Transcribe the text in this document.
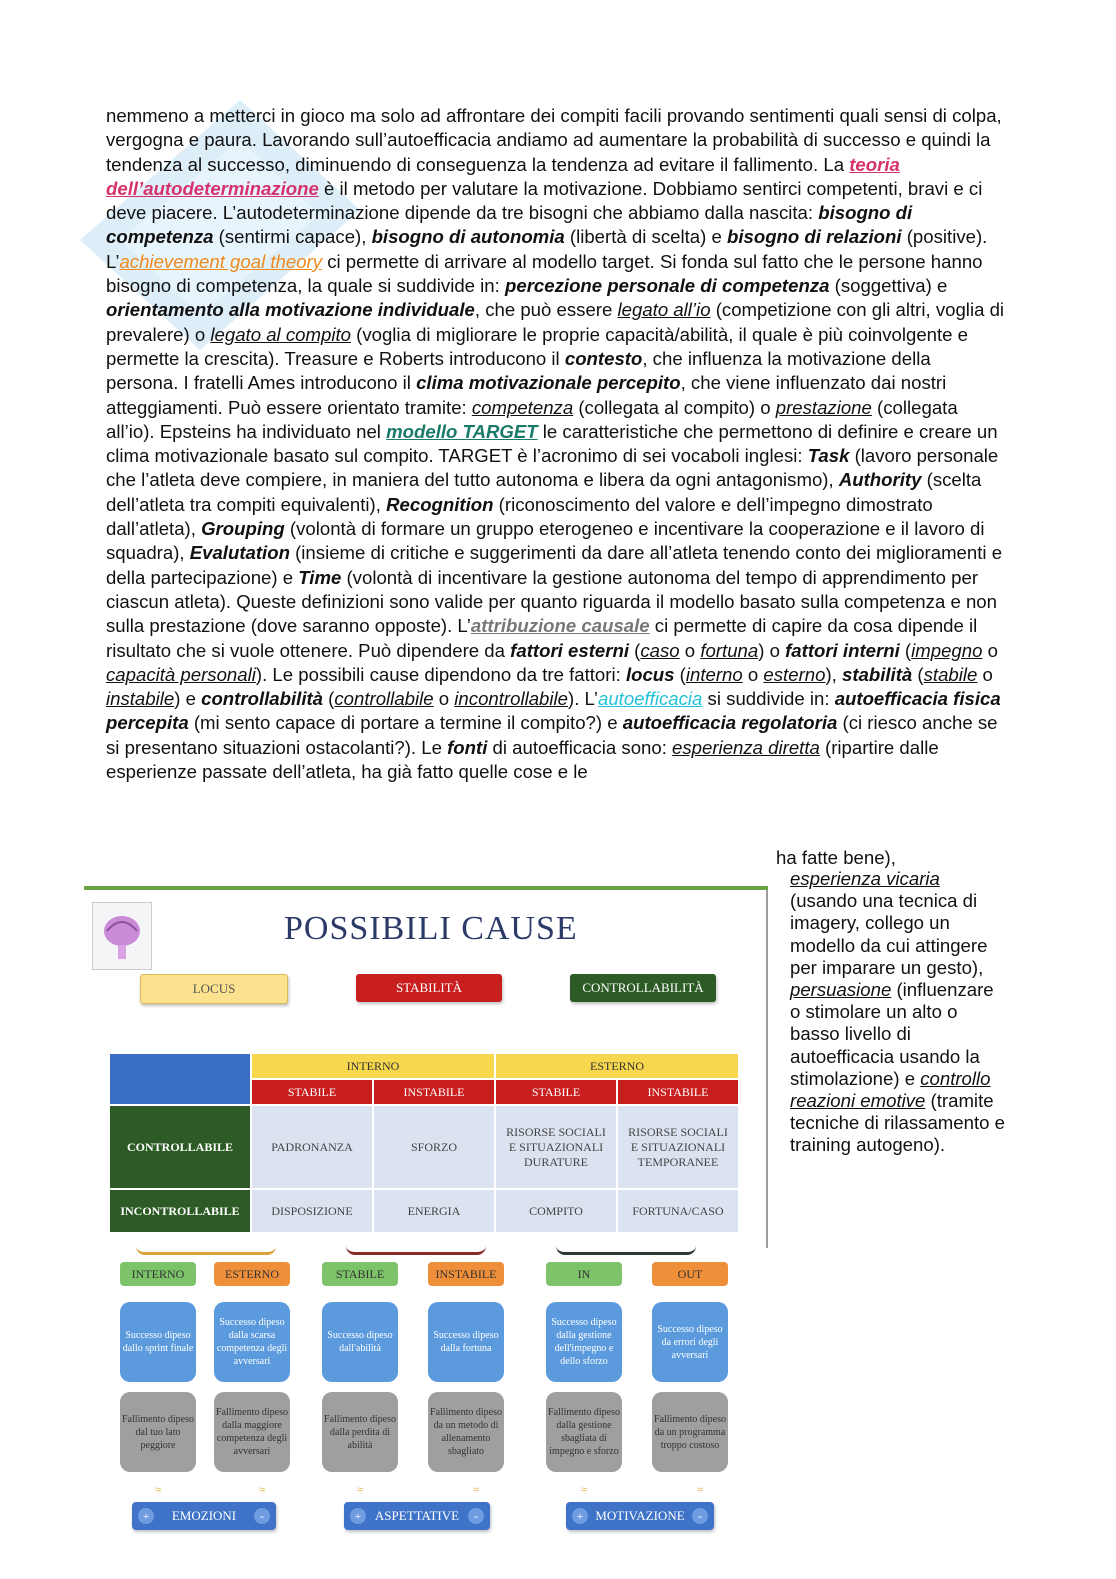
nemmeno a metterci in gioco ma solo ad affrontare dei compiti facili provando sentimenti quali sensi di colpa, vergogna e paura. Lavorando sull’autoefficacia andiamo ad aumentare la probabilità di successo e quindi la tendenza al successo, diminuendo di conseguenza la tendenza ad evitare il fallimento. La teoria dell’autodeterminazione è il metodo per valutare la motivazione. Dobbiamo sentirci competenti, bravi e ci deve piacere. L’autodeterminazione dipende da tre bisogni che abbiamo dalla nascita: bisogno di competenza (sentirmi capace), bisogno di autonomia (libertà di scelta) e bisogno di relazioni (positive). L’achievement goal theory ci permette di arrivare al modello target. Si fonda sul fatto che le persone hanno bisogno di competenza, la quale si suddivide in: percezione personale di competenza (soggettiva) e orientamento alla motivazione individuale, che può essere legato all’io (competizione con gli altri, voglia di prevalere) o legato al compito (voglia di migliorare le proprie capacità/abilità, il quale è più coinvolgente e permette la crescita). Treasure e Roberts introducono il contesto, che influenza la motivazione della persona. I fratelli Ames introducono il clima motivazionale percepito, che viene influenzato dai nostri atteggiamenti. Può essere orientato tramite: competenza (collegata al compito) o prestazione (collegata all’io). Epsteins ha individuato nel modello TARGET le caratteristiche che permettono di definire e creare un clima motivazionale basato sul compito. TARGET è l’acronimo di sei vocaboli inglesi: Task (lavoro personale che l’atleta deve compiere, in maniera del tutto autonoma e libera da ogni antagonismo), Authority (scelta dell’atleta tra compiti equivalenti), Recognition (riconoscimento del valore e dell’impegno dimostrato dall’atleta), Grouping (volontà di formare un gruppo eterogeneo e incentivare la cooperazione e il lavoro di squadra), Evalutation (insieme di critiche e suggerimenti da dare all’atleta tenendo conto dei miglioramenti e della partecipazione) e Time (volontà di incentivare la gestione autonoma del tempo di apprendimento per ciascun atleta). Queste definizioni sono valide per quanto riguarda il modello basato sulla competenza e non sulla prestazione (dove saranno opposte). L’attribuzione causale ci permette di capire da cosa dipende il risultato che si vuole ottenere. Può dipendere da fattori esterni (caso o fortuna) o fattori interni (impegno o capacità personali). Le possibili cause dipendono da tre fattori: locus (interno o esterno), stabilità (stabile o instabile) e controllabilità (controllabile o incontrollabile). L’autoefficacia si suddivide in: autoefficacia fisica percepita (mi sento capace di portare a termine il compito?) e autoefficacia regolatoria (ci riesco anche se si presentano situazioni ostacolanti?). Le fonti di autoefficacia sono: esperienza diretta (ripartire dalle esperienze passate dell’atleta, ha già fatto quelle cose e le

ha fatte bene),

esperienza vicaria (usando una tecnica di imagery, collego un modello da cui attingere per imparare un gesto), persuasione (influenzare o stimolare un alto o basso livello di autoefficacia usando la stimolazione) e controllo reazioni emotive (tramite tecniche di rilassamento e training autogeno).

POSSIBILI CAUSE
LOCUS	STABILITÀ	CONTROLLABILITÀ
	INTERNO		ESTERNO	
	STABILE	INSTABILE	STABILE	INSTABILE
CONTROLLABILE	PADRONANZA	SFORZO	RISORSE SOCIALI E SITUAZIONALI DURATURE	RISORSE SOCIALI E SITUAZIONALI TEMPORANEE
INCONTROLLABILE	DISPOSIZIONE	ENERGIA	COMPITO	FORTUNA/CASO
INTERNO	ESTERNO	STABILE	INSTABILE	IN	OUT
Successo dipeso dallo sprint finale
Successo dipeso dalla scarsa competenza degli avversari
Successo dipeso dall'abilità
Successo dipeso dalla fortuna
Successo dipeso dalla gestione dell'impegno e dello sforzo
Successo dipeso da errori degli avversari
Fallimento dipeso dal tuo lato peggiore
Fallimento dipeso dalla maggiore competenza degli avversari
Fallimento dipeso dalla perdita di abilità
Fallimento dipeso da un metodo di allenamento sbagliato
Fallimento dipeso dalla gestione sbagliata di impegno e sforzo
Fallimento dipeso da un programma troppo costoso
≈	≈	≈	≈	≈	≈
+	EMOZIONI	-	+	ASPETTATIVE	-	+ MOTIVAZIONE	-
